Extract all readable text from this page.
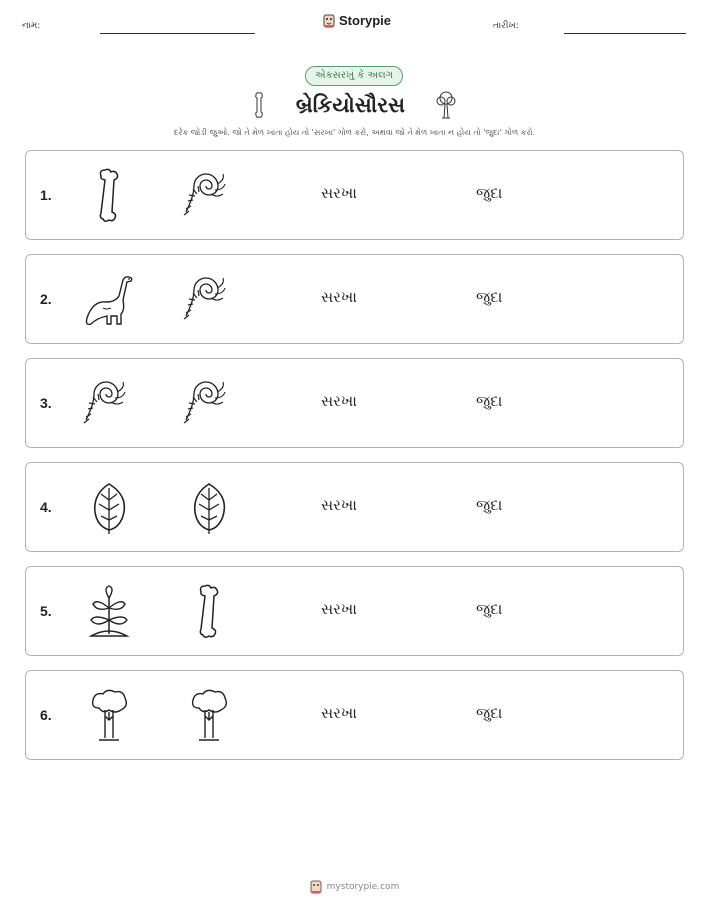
નામ:	Storypie	તારીખ:
એકસરખું કે અલગ
બ્રેકિયોસૌરસ
દરેક જોડી જુઓ. જો તે મેળ ખાતા હોય તો 'સરખા' ગોળ કરો, અથવા જો તે મેળ ખાતા ન હોય તો 'જુદા' ગોળ કરો.
1.	સરખા	જુદા
2.	સરખા	જુદા
3.	સરખા	જુદા
4.	સરખા	જુદા
5.	સરખા	જુદા
6.	સરખા	જુદા
mystorypie.com
